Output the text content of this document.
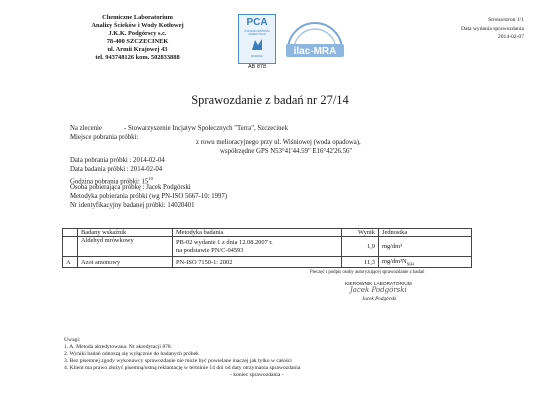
Chemiczne Laboratorium
Analizy Ścieków i Wody Kotłowej
J.K.K. Podgórscy s.c.
78-400 SZCZECINEK
ul. Armii Krajowej 43
tel. 943748126 kom. 502833888
PCA
POLSKIE CENTRUM AKREDYTACJI
BADANIA
AB 878
ilac-MRA
Strona/stron 1/1
Data wydania sprawozdania
2014-02-07
Sprawozdanie z badań nr 27/14
Na zlecenie	- Stowarzyszenie Incjatyw Społecznych "Terra", Szczecinek
Miejsce pobrania próbki:
z rowu melioracyjnego przy ul. Wiśniowej (woda opadowa),
współrzędne GPS N53°41'44.59" E16°42'26.56"
Data pobrania próbki : 2014-02-04
Data badania próbki : 2014-02-04
Godzina pobrania próbki: $15^{10}$
Osoba pobierająca próbkę : Jacek Podgórski
Metodyka pobierania próbki (wg PN-ISO 5667-10: 1997)
Nr identyfikacyjny badanej próbki: 14020401
	Badany wskaźnik	Metodyka badania	Wynik	Jednostka
	Aldehyd mrówkowy	PB-02 wydanie 1 z dnia 12.08.2007 r.
na podstawie PN/C-04593	1,9	mg/dm³
A	Azot amonowy	PN-ISO 7150-1: 2002	11,3	$mg/dm^3N_{NH4}$
Pieczęć i podpis osoby autoryzującej sprawozdanie z badań
KIEROWNIK LABORATORIUM
Jacek Podgórski
Jacek Podgórski
Uwagi:
1. A. Metoda akredytowana. Nr akredytacji 878.
2. Wyniki badań odnoszą się wyłącznie do badanych próbek
3. Bez pisemnej zgody wykonawcy sprawozdanie nie może być powielane inaczej jak tylko w całości
4. Klient ma prawo złożyć pisemną/ustną reklamację w terminie 14 dni od daty otrzymania sprawozdania
- koniec sprawozdania -
